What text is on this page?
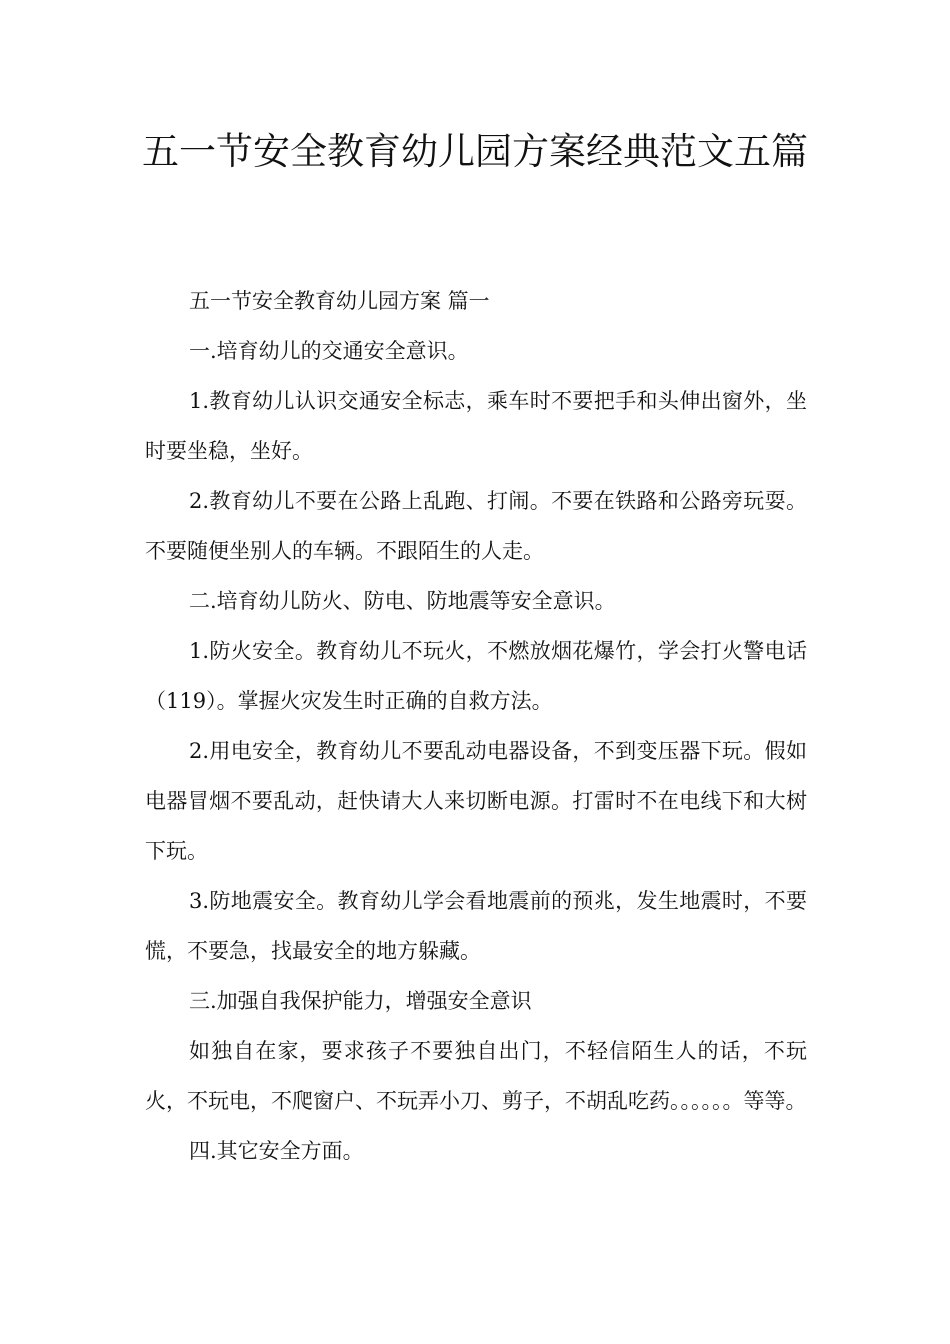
五一节安全教育幼儿园方案经典范文五篇

五一节安全教育幼儿园方案 篇一

一.培育幼儿的交通安全意识。

1.教育幼儿认识交通安全标志，乘车时不要把手和头伸出窗外，坐时要坐稳，坐好。

2.教育幼儿不要在公路上乱跑、打闹。不要在铁路和公路旁玩耍。不要随便坐别人的车辆。不跟陌生的人走。

二.培育幼儿防火、防电、防地震等安全意识。

1.防火安全。教育幼儿不玩火，不燃放烟花爆竹，学会打火警电话（119）。掌握火灾发生时正确的自救方法。

2.用电安全，教育幼儿不要乱动电器设备，不到变压器下玩。假如电器冒烟不要乱动，赶快请大人来切断电源。打雷时不在电线下和大树下玩。

3.防地震安全。教育幼儿学会看地震前的预兆，发生地震时，不要慌，不要急，找最安全的地方躲藏。

三.加强自我保护能力，增强安全意识

如独自在家，要求孩子不要独自出门，不轻信陌生人的话，不玩火，不玩电，不爬窗户、不玩弄小刀、剪子，不胡乱吃药。。。。。。等等。

四.其它安全方面。
